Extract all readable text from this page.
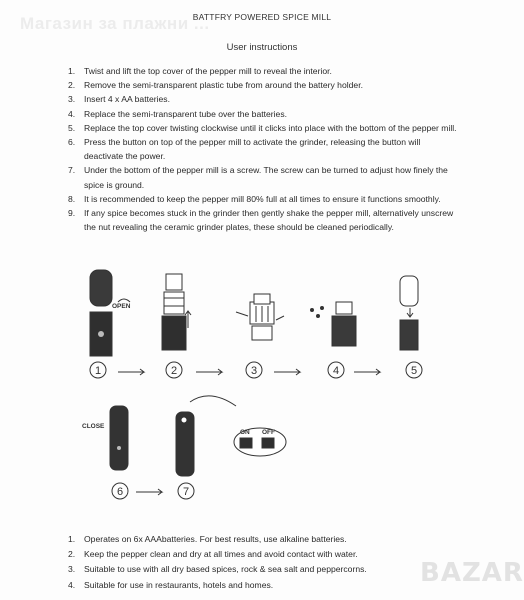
Магазин за плажни ...
BATTFRY POWERED SPICE MILL
User instructions
1. Twist and lift the top cover of the pepper mill to reveal the interior.
2. Remove the semi-transparent plastic tube from around the battery holder.
3. Insert 4 x AA batteries.
4. Replace the semi-transparent tube over the batteries.
5. Replace the top cover twisting clockwise until it clicks into place with the bottom of the pepper mill.
6. Press the button on top of the pepper mill to activate the grinder, releasing the button will deactivate the power.
7. Under the bottom of the pepper mill is a screw. The screw can be turned to adjust how finely the spice is ground.
8. It is recommended to keep the pepper mill 80% full at all times to ensure it functions smoothly.
9. If any spice becomes stuck in the grinder then gently shake the pepper mill, alternatively unscrew the nut revealing the ceramic grinder plates, these should be cleaned periodically.
OPEN
CLOSE
ON OFF
1	2	3	4	5
6	7
1. Operates on 6x AAAbatteries. For best results, use alkaline batteries.
2. Keep the pepper clean and dry at all times and avoid contact with water.
3. Suitable to use with all dry based spices, rock & sea salt and peppercorns.
4. Suitable for use in restaurants, hotels and homes.	BAZAR
